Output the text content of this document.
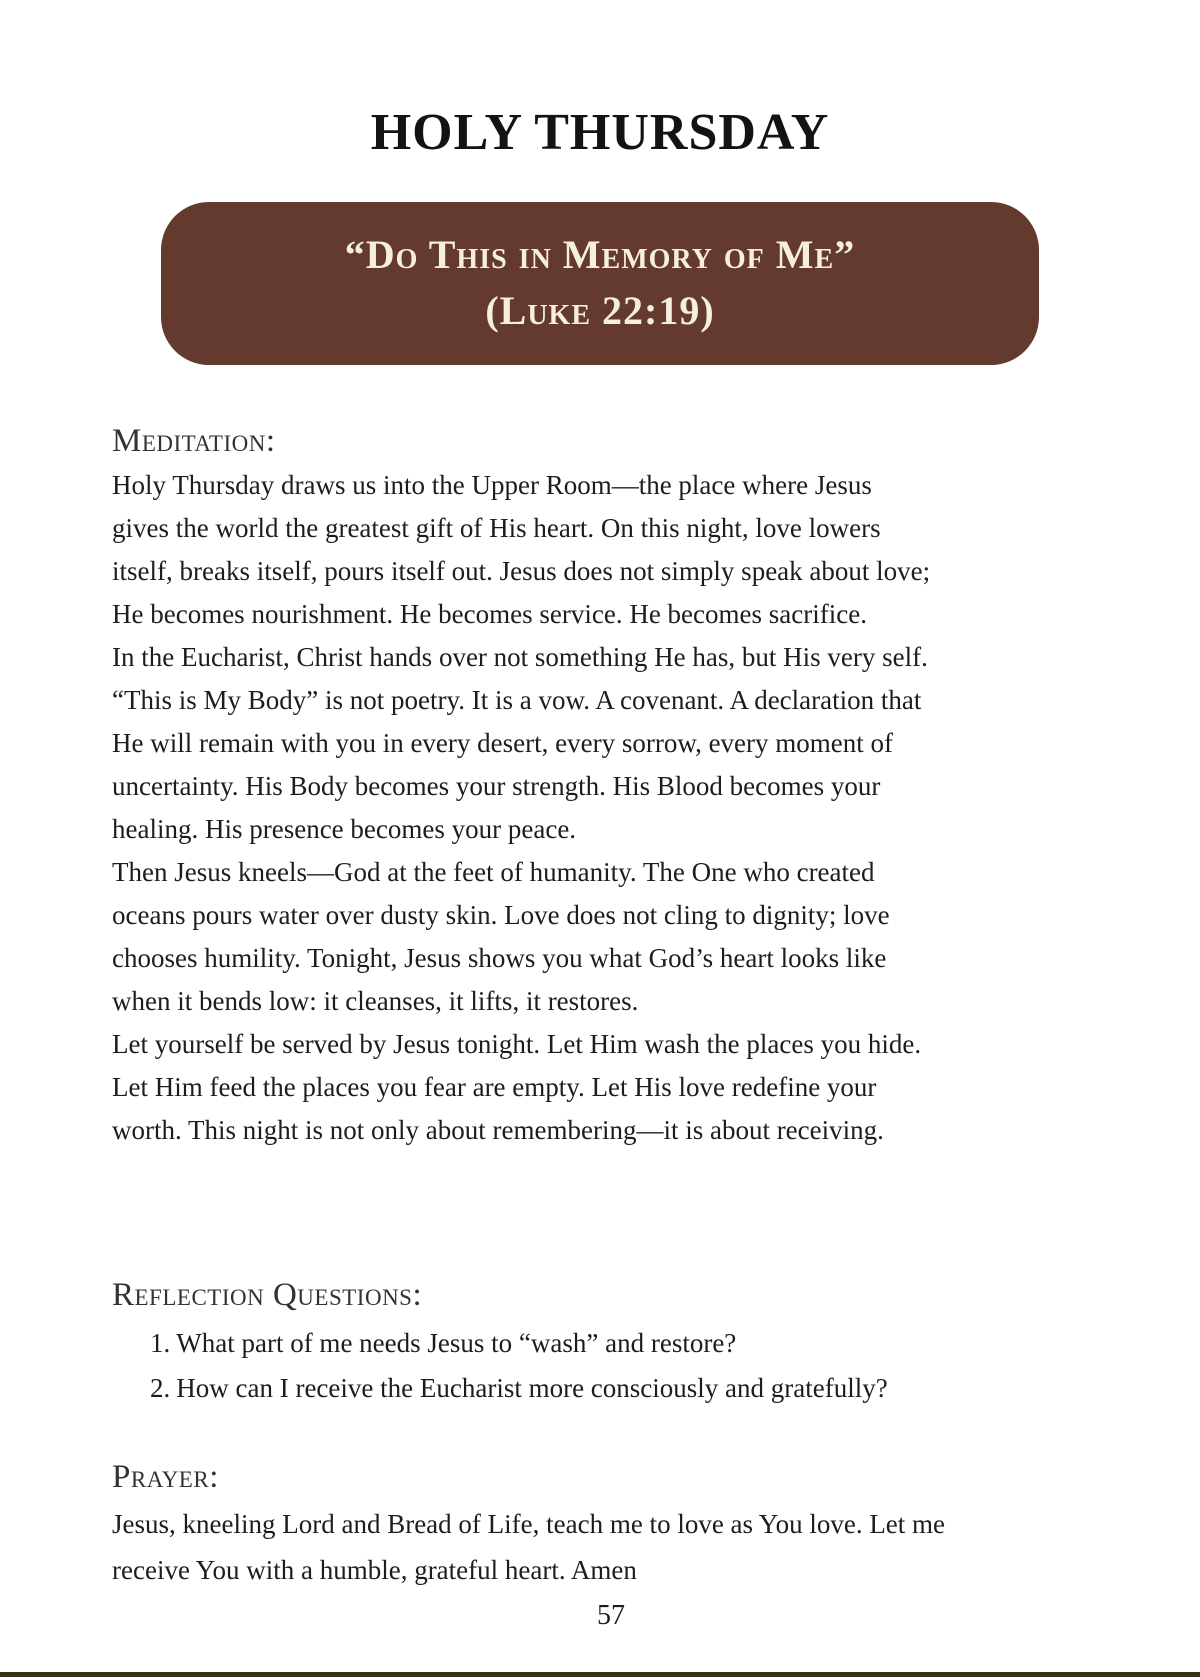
HOLY THURSDAY
“Do This in Memory of Me”
(Luke 22:19)
Meditation:
Holy Thursday draws us into the Upper Room—the place where Jesus
gives the world the greatest gift of His heart. On this night, love lowers
itself, breaks itself, pours itself out. Jesus does not simply speak about love;
He becomes nourishment. He becomes service. He becomes sacrifice.
In the Eucharist, Christ hands over not something He has, but His very self.
“This is My Body” is not poetry. It is a vow. A covenant. A declaration that
He will remain with you in every desert, every sorrow, every moment of
uncertainty. His Body becomes your strength. His Blood becomes your
healing. His presence becomes your peace.
Then Jesus kneels—God at the feet of humanity. The One who created
oceans pours water over dusty skin. Love does not cling to dignity; love
chooses humility. Tonight, Jesus shows you what God’s heart looks like
when it bends low: it cleanses, it lifts, it restores.
Let yourself be served by Jesus tonight. Let Him wash the places you hide.
Let Him feed the places you fear are empty. Let His love redefine your
worth. This night is not only about remembering—it is about receiving.
Reflection Questions:
1. What part of me needs Jesus to “wash” and restore?
2. How can I receive the Eucharist more consciously and gratefully?
Prayer:
Jesus, kneeling Lord and Bread of Life, teach me to love as You love. Let me
receive You with a humble, grateful heart. Amen
57
